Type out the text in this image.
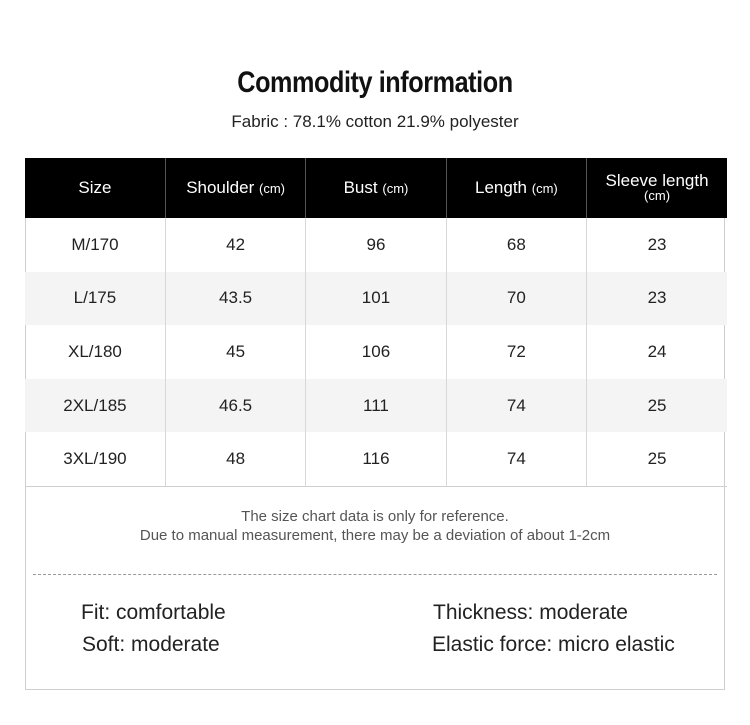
Commodity information
Fabric : 78.1% cotton 21.9% polyester
Size	Shoulder (cm)	Bust (cm)	Length (cm)	Sleeve length
(cm)

M/170	42	96	68	23
L/175	43.5	101	70	23
XL/180	45	106	72	24
2XL/185	46.5	111	74	25
3XL/190	48	116	74	25
The size chart data is only for reference.
Due to manual measurement, there may be a deviation of about 1-2cm
Fit: comfortable	Thickness: moderate
Soft: moderate	Elastic force: micro elastic
